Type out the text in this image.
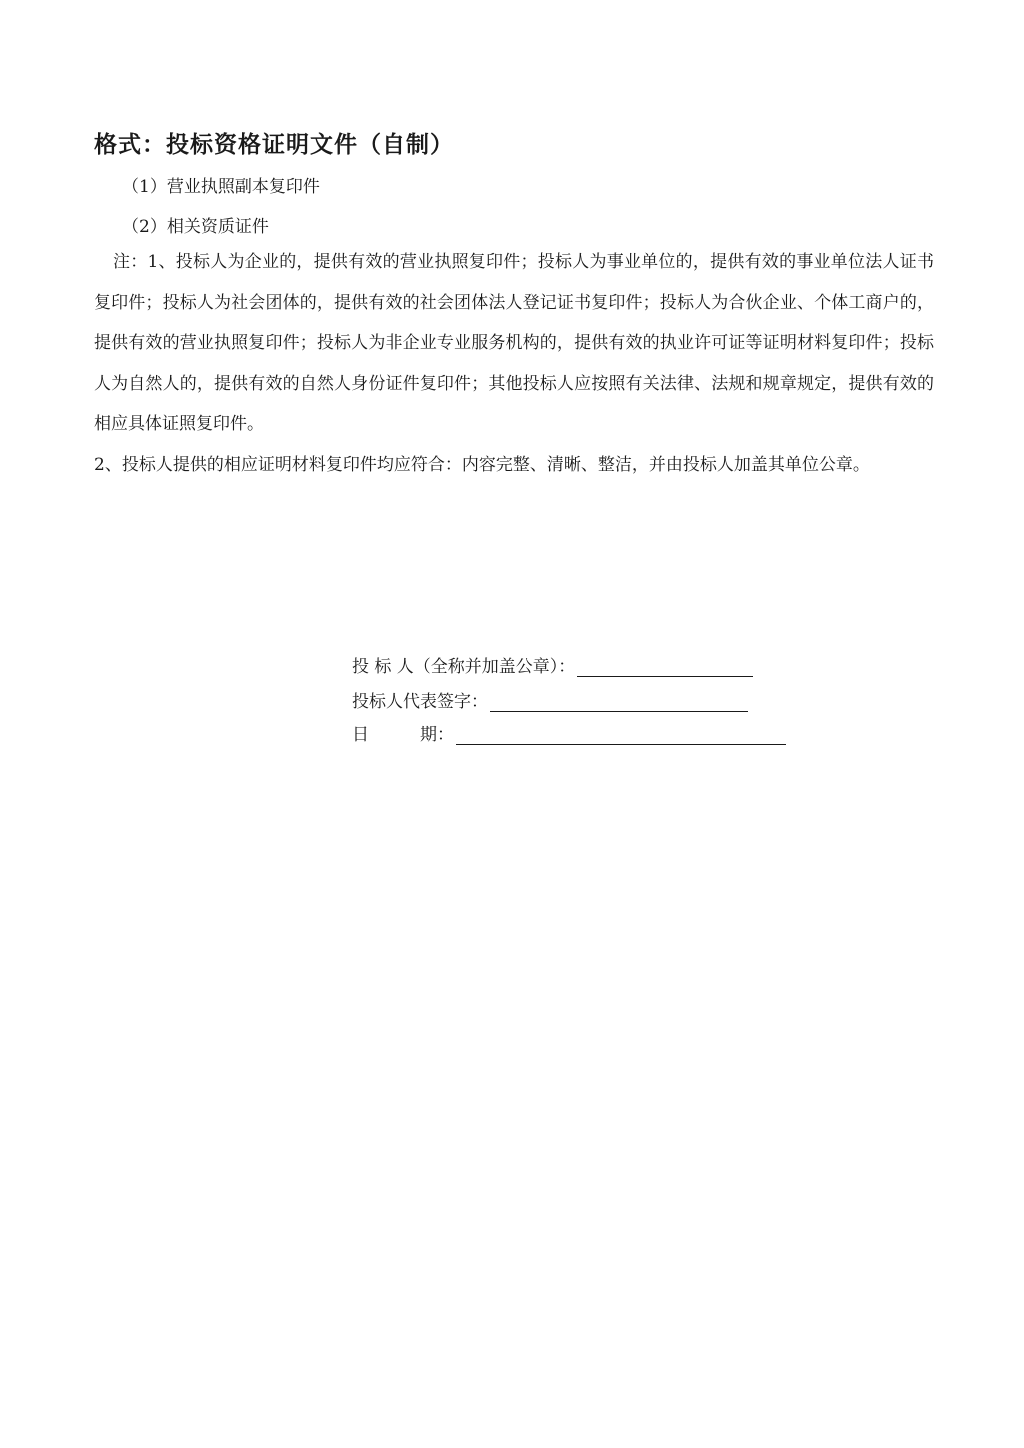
格式：投标资格证明文件（自制）
（1）营业执照副本复印件
（2）相关资质证件

注：1、投标人为企业的，提供有效的营业执照复印件；投标人为事业单位的，提供有效的事业单位法人证书复印件；投标人为社会团体的，提供有效的社会团体法人登记证书复印件；投标人为合伙企业、个体工商户的，提供有效的营业执照复印件；投标人为非企业专业服务机构的，提供有效的执业许可证等证明材料复印件；投标人为自然人的，提供有效的自然人身份证件复印件；其他投标人应按照有关法律、法规和规章规定，提供有效的相应具体证照复印件。

2、投标人提供的相应证明材料复印件均应符合：内容完整、清晰、整洁，并由投标人加盖其单位公章。

投 标 人（全称并加盖公章）：
投标人代表签字：
日　　　期：
